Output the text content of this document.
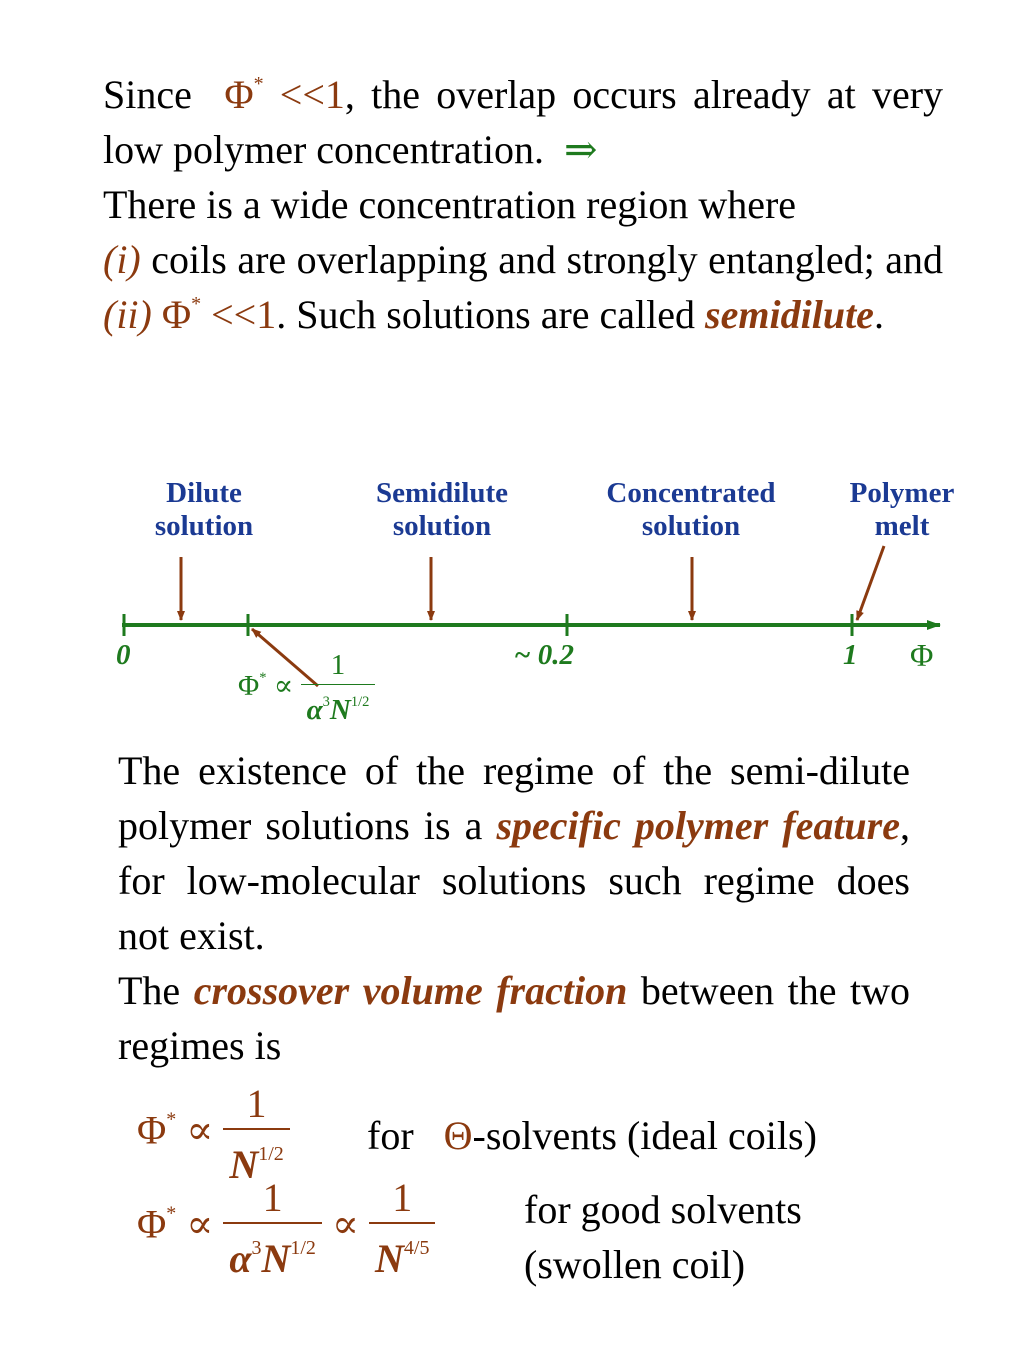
Since Φ* <<1, the overlap occurs already at very low polymer concentration. ⇒
There is a wide concentration region where
(i) coils are overlapping and strongly entangled; and (ii) Φ* <<1. Such solutions are called semidilute.
Dilute
solution
Semidilute
solution
Concentrated
solution
Polymer
melt
0	~ 0.2	1 Φ
$\Phi^* \propto \frac{1}{\alpha^3N^{1/2}}$
The existence of the regime of the semi-dilute polymer solutions is a specific polymer feature, for low-molecular solutions such regime does not exist.
The crossover volume fraction between the two regimes is
$\Phi^* \propto \frac{1}{N^{1/2}}$ for Θ-solvents (ideal coils)
$\Phi^* \propto \frac{1}{\alpha^3N^{1/2}} \propto \frac{1}{N^{4/5}}$ for good solvents
(swollen coil)
